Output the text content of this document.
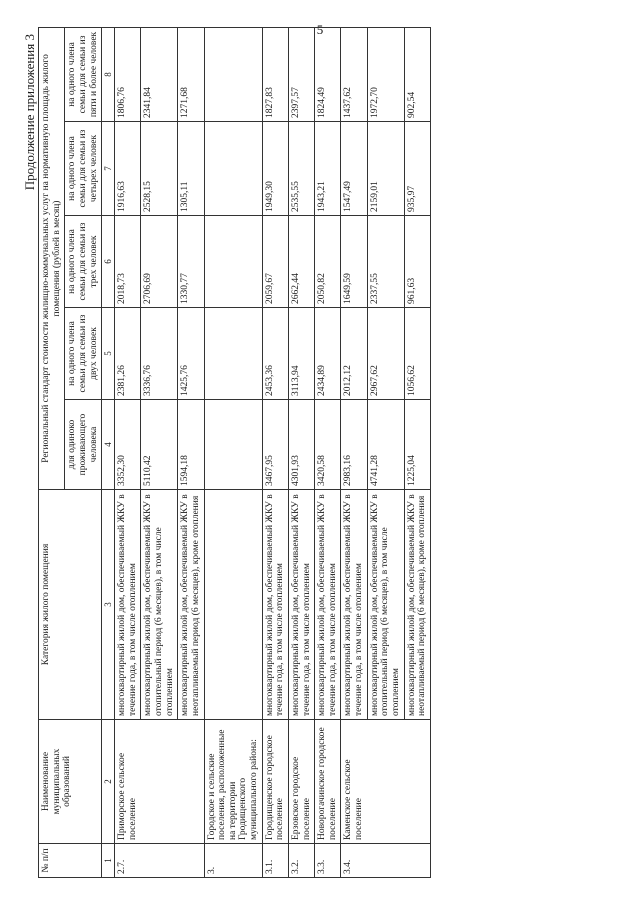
5
Продолжение приложения 3
№ п/п	Наименование муниципальных образований	Категория жилого помещения	Региональный стандарт стоимости жилищно-коммунальных услуг на нормативную площадь жилого помещения (рублей в месяц)				
			для одиноко проживающего человека	на одного члена семьи для семьи из двух человек	на одного члена семьи для семьи из трех человек	на одного члена семьи для семьи из четырех человек	на одного члена семьи для семьи из пяти и более человек
1	2	3	4	5	6	7	8
2.7.	Приморское сельское поселение	многоквартирный жилой дом, обеспечиваемый ЖКУ в течение года, в том числе отоплением	3352,30	2381,26	2018,73	1916,63	1806,76
		многоквартирный жилой дом, обеспечиваемый ЖКУ в отопительный период (6 месяцев), в том числе отоплением	5110,42	3336,76	2706,69	2528,15	2341,84
		многоквартирный жилой дом, обеспечиваемый ЖКУ в неотапливаемый период (6 месяцев), кроме отопления	1594,18	1425,76	1330,77	1305,11	1271,68
3.	Городское и сельские поселения, расположенные на территории Гродищенского муниципального района:						
3.1.	Городищенское городское поселение	многоквартирный жилой дом, обеспечиваемый ЖКУ в течение года, в том числе отоплением	3467,95	2453,36	2059,67	1949,30	1827,83
3.2.	Ерзовское городское поселение	многоквартирный жилой дом, обеспечиваемый ЖКУ в течение года, в том числе отоплением	4301,93	3113,94	2662,44	2535,55	2397,57
3.3.	Новорогачинское городское поселение	многоквартирный жилой дом, обеспечиваемый ЖКУ в течение года, в том числе отоплением	3420,58	2434,89	2050,82	1943,21	1824,49
3.4.	Каменское сельское поселение	многоквартирный жилой дом, обеспечиваемый ЖКУ в течение года, в том числе отоплением	2983,16	2012,12	1649,59	1547,49	1437,62
		многоквартирный жилой дом, обеспечиваемый ЖКУ в отопительный период (6 месяцев), в том числе отоплением	4741,28	2967,62	2337,55	2159,01	1972,70
		многоквартирный жилой дом, обеспечиваемый ЖКУ в неотапливаемый период (6 месяцев), кроме отопления	1225,04	1056,62	961,63	935,97	902,54
